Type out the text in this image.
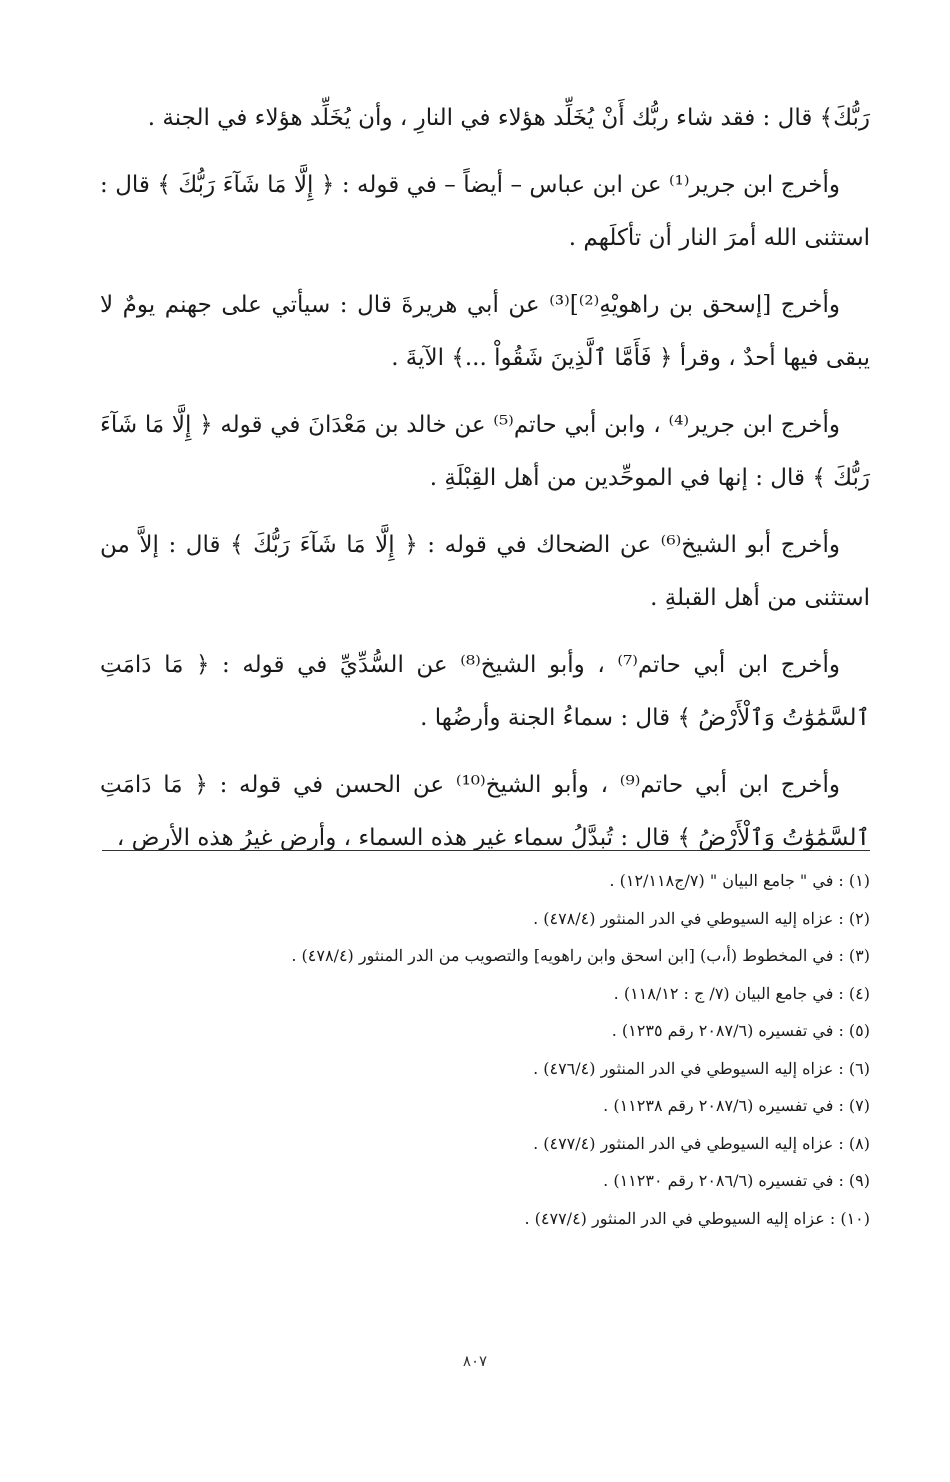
رَبُّكَ﴾ قال : فقد شاء ربُّك أَنْ يُخَلِّد هؤلاء في النارِ ، وأن يُخَلِّد هؤلاء في الجنة .

وأخرج ابن جرير⁽¹⁾ عن ابن عباس – أيضاً – في قوله : ﴿ إِلَّا مَا شَآءَ رَبُّكَ ﴾ قال : استثنى الله أمرَ النار أن تأكلَهم .

وأخرج [إسحق بن راهويْهِ⁽²⁾]⁽³⁾ عن أبي هريرةَ قال : سيأتي على جهنم يومٌ لا يبقى فيها أحدٌ ، وقرأ ﴿ فَأَمَّا ٱلَّذِينَ شَقُواْ ...﴾ الآيةَ .

وأخرج ابن جرير⁽⁴⁾ ، وابن أبي حاتم⁽⁵⁾ عن خالد بن مَعْدَانَ في قوله ﴿ إِلَّا مَا شَآءَ رَبُّكَ ﴾ قال : إنها في الموحِّدين من أهل القِبْلَةِ .

وأخرج أبو الشيخ⁽⁶⁾ عن الضحاك في قوله : ﴿ إِلَّا مَا شَآءَ رَبُّكَ ﴾ قال : إلاَّ من استثنى من أهل القبلةِ .

وأخرج ابن أبي حاتم⁽⁷⁾ ، وأبو الشيخ⁽⁸⁾ عن السُّدِّيِّ في قوله : ﴿ مَا دَامَتِ ٱلسَّمَٰوَٰتُ وَٱلْأَرْضُ ﴾ قال : سماءُ الجنة وأرضُها .

وأخرج ابن أبي حاتم⁽⁹⁾ ، وأبو الشيخ⁽¹⁰⁾ عن الحسن في قوله : ﴿ مَا دَامَتِ ٱلسَّمَٰوَٰتُ وَٱلْأَرْضُ ﴾ قال : تُبدَّلُ سماء غير هذه السماء ، وأرض غيرُ هذه الأرض ،

(١) : في " جامع البيان " (٧/ج١٢/١١٨) .
(٢) : عزاه إليه السيوطي في الدر المنثور (٤٧٨/٤) .
(٣) : في المخطوط (أ،ب) [ابن اسحق وابن راهويه] والتصويب من الدر المنثور (٤٧٨/٤) .
(٤) : في جامع البيان (٧/ ج : ١١٨/١٢) .
(٥) : في تفسيره (٢٠٨٧/٦ رقم ١٢٣٥) .
(٦) : عزاه إليه السيوطي في الدر المنثور (٤٧٦/٤) .
(٧) : في تفسيره (٢٠٨٧/٦ رقم ١١٢٣٨) .
(٨) : عزاه إليه السيوطي في الدر المنثور (٤٧٧/٤) .
(٩) : في تفسيره (٢٠٨٦/٦ رقم ١١٢٣٠) .
(١٠) : عزاه إليه السيوطي في الدر المنثور (٤٧٧/٤) .
٨٠٧
